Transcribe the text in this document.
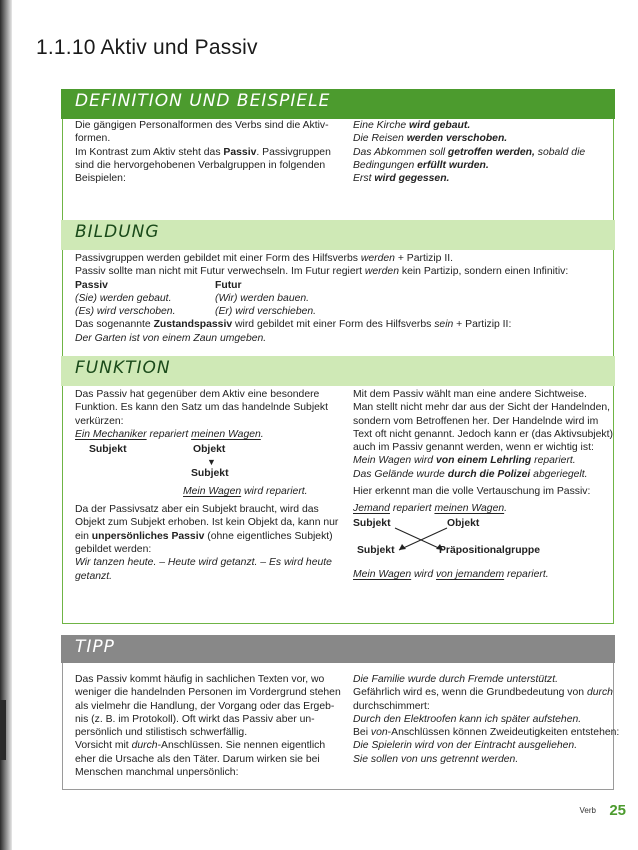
1.1.10 Aktiv und Passiv
DEFINITION UND BEISPIELE
Die gängigen Personalformen des Verbs sind die Aktiv-
formen.
Im Kontrast zum Aktiv steht das Passiv. Passivgruppen
sind die hervorgehobenen Verbalgruppen in folgenden
Beispielen:
Eine Kirche wird gebaut.
Die Reisen werden verschoben.
Das Abkommen soll getroffen werden, sobald die
Bedingungen erfüllt wurden.
Erst wird gegessen.
BILDUNG
Passivgruppen werden gebildet mit einer Form des Hilfsverbs werden + Partizip II.
Passiv sollte man nicht mit Futur verwechseln. Im Futur regiert werden kein Partizip, sondern einen Infinitiv:
Passiv	Futur
(Sie) werden gebaut.	(Wir) werden bauen.
(Es) wird verschoben.	(Er) wird verschieben.
Das sogenannte Zustandspassiv wird gebildet mit einer Form des Hilfsverbs sein + Partizip II:
Der Garten ist von einem Zaun umgeben.
FUNKTION
Das Passiv hat gegenüber dem Aktiv eine besondere
Funktion. Es kann den Satz um das handelnde Subjekt
verkürzen:
Ein Mechaniker repariert meinen Wagen.
Subjekt	Objekt
▼
Subjekt
Mein Wagen wird repariert.
Da der Passivsatz aber ein Subjekt braucht, wird das
Objekt zum Subjekt erhoben. Ist kein Objekt da, kann nur
ein unpersönliches Passiv (ohne eigentliches Subjekt)
gebildet werden:
Wir tanzen heute. – Heute wird getanzt. – Es wird heute
getanzt.
Mit dem Passiv wählt man eine andere Sichtweise.
Man stellt nicht mehr dar aus der Sicht der Handelnden,
sondern vom Betroffenen her. Der Handelnde wird im
Text oft nicht genannt. Jedoch kann er (das Aktivsubjekt)
auch im Passiv genannt werden, wenn er wichtig ist:
Mein Wagen wird von einem Lehrling repariert.
Das Gelände wurde durch die Polizei abgeriegelt.
Hier erkennt man die volle Vertauschung im Passiv:
Jemand repariert meinen Wagen.
Subjekt	Objekt
Subjekt	Präpositionalgruppe
Mein Wagen wird von jemandem repariert.
TIPP
Das Passiv kommt häufig in sachlichen Texten vor, wo
weniger die handelnden Personen im Vordergrund stehen
als vielmehr die Handlung, der Vorgang oder das Ergeb-
nis (z. B. im Protokoll). Oft wirkt das Passiv aber un-
persönlich und stilistisch schwerfällig.
Vorsicht mit durch-Anschlüssen. Sie nennen eigentlich
eher die Ursache als den Täter. Darum wirken sie bei
Menschen manchmal unpersönlich:
Die Familie wurde durch Fremde unterstützt.
Gefährlich wird es, wenn die Grundbedeutung von durch
durchschimmert:
Durch den Elektroofen kann ich später aufstehen.
Bei von-Anschlüssen können Zweideutigkeiten entstehen:
Die Spielerin wird von der Eintracht ausgeliehen.
Sie sollen von uns getrennt werden.
Verb 25
